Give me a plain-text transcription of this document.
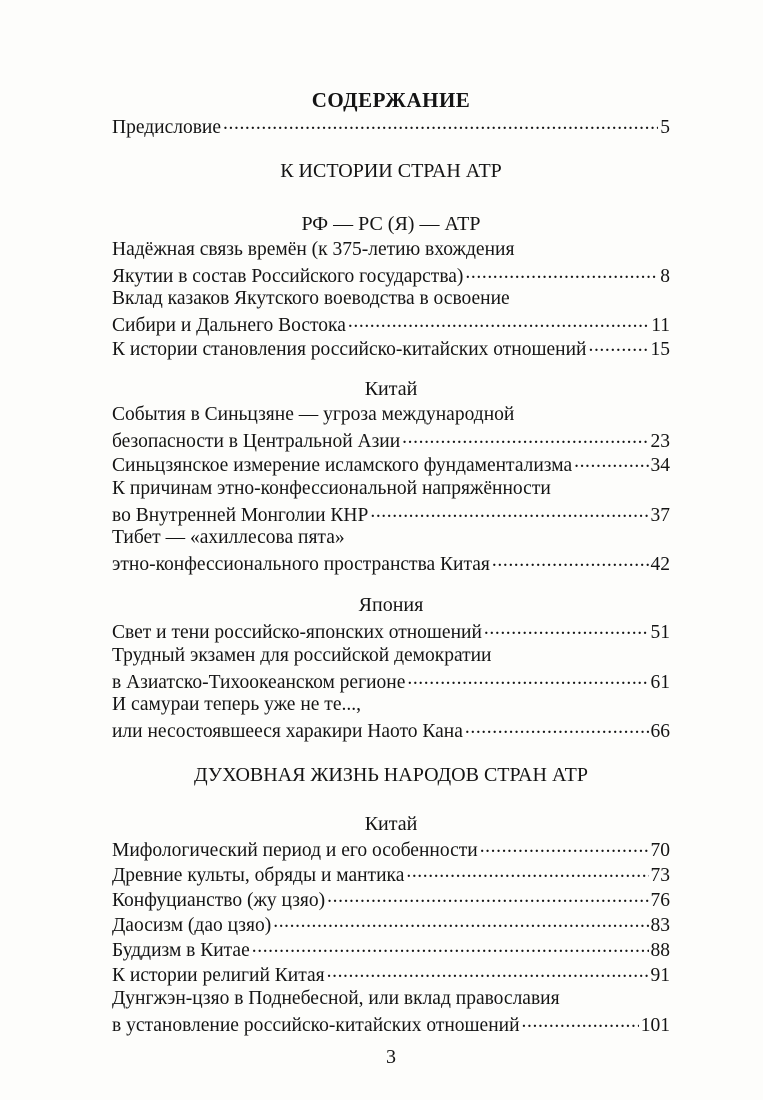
СОДЕРЖАНИЕ
Предисловие .....	5
К ИСТОРИИ СТРАН АТР
РФ — РС (Я) — АТР
Надёжная связь времён (к 375-летию вхождения
Якутии в состав Российского государства) .....	8
Вклад казаков Якутского воеводства в освоение
Сибири и Дальнего Востока .....	11
К истории становления российско-китайских отношений .....	15
Китай
События в Синьцзяне — угроза международной
безопасности в Центральной Азии .....	23
Синьцзянское измерение исламского фундаментализма .....	34
К причинам этно-конфессиональной напряжённости
во Внутренней Монголии КНР .....	37
Тибет — «ахиллесова пята»
этно-конфессионального пространства Китая .....	42
Япония
Свет и тени российско-японских отношений .....	51
Трудный экзамен для российской демократии
в Азиатско-Тихоокеанском регионе .....	61
И самураи теперь уже не те...,
или несостоявшееся харакири Наото Кана .....	66
ДУХОВНАЯ ЖИЗНЬ НАРОДОВ СТРАН АТР
Китай
Мифологический период и его особенности .....	70
Древние культы, обряды и мантика .....	73
Конфуцианство (жу цзяо) .....	76
Даосизм (дао цзяо) .....	83
Буддизм в Китае .....	88
К истории религий Китая .....	91
Дунгжэн-цзяо в Поднебесной, или вклад православия
в установление российско-китайских отношений .....	101
3
